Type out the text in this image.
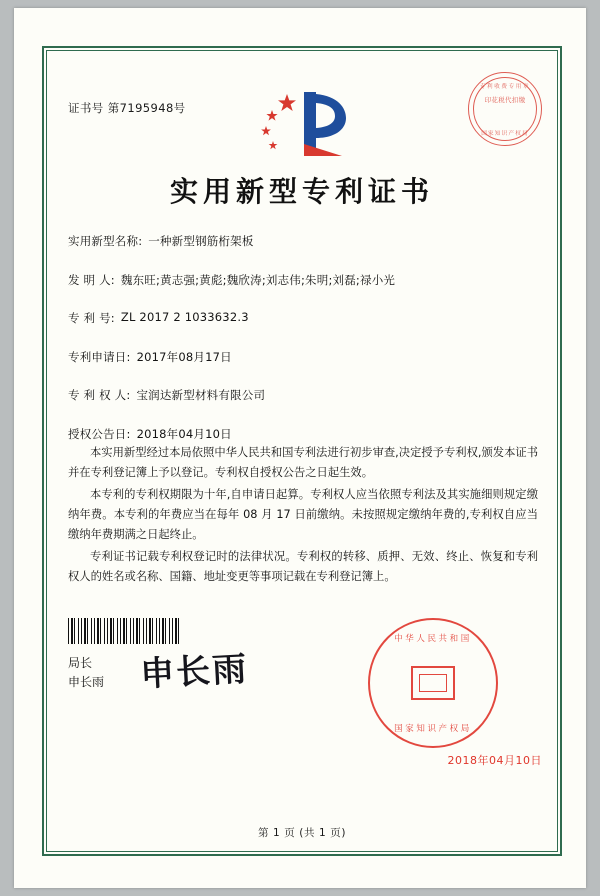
证书号 第7195948号
专利收费专用章
印花税代扣缴
国家知识产权局
实用新型专利证书
实用新型名称: 一种新型钢筋桁架板
发 明 人: 魏东旺;黄志强;黄彪;魏欣涛;刘志伟;朱明;刘磊;禄小光
专 利 号: ZL 2017 2 1033632.3
专利申请日: 2017年08月17日
专 利 权 人: 宝润达新型材料有限公司
授权公告日: 2018年04月10日

本实用新型经过本局依照中华人民共和国专利法进行初步审查,决定授予专利权,颁发本证书并在专利登记簿上予以登记。专利权自授权公告之日起生效。

本专利的专利权期限为十年,自申请日起算。专利权人应当依照专利法及其实施细则规定缴纳年费。本专利的年费应当在每年 08 月 17 日前缴纳。未按照规定缴纳年费的,专利权自应当缴纳年费期满之日起终止。

专利证书记载专利权登记时的法律状况。专利权的转移、质押、无效、终止、恢复和专利权人的姓名或名称、国籍、地址变更等事项记载在专利登记簿上。

局长
申长雨 申长雨
中华人民共和国
国家知识产权局
2018年04月10日
第 1 页 (共 1 页)
